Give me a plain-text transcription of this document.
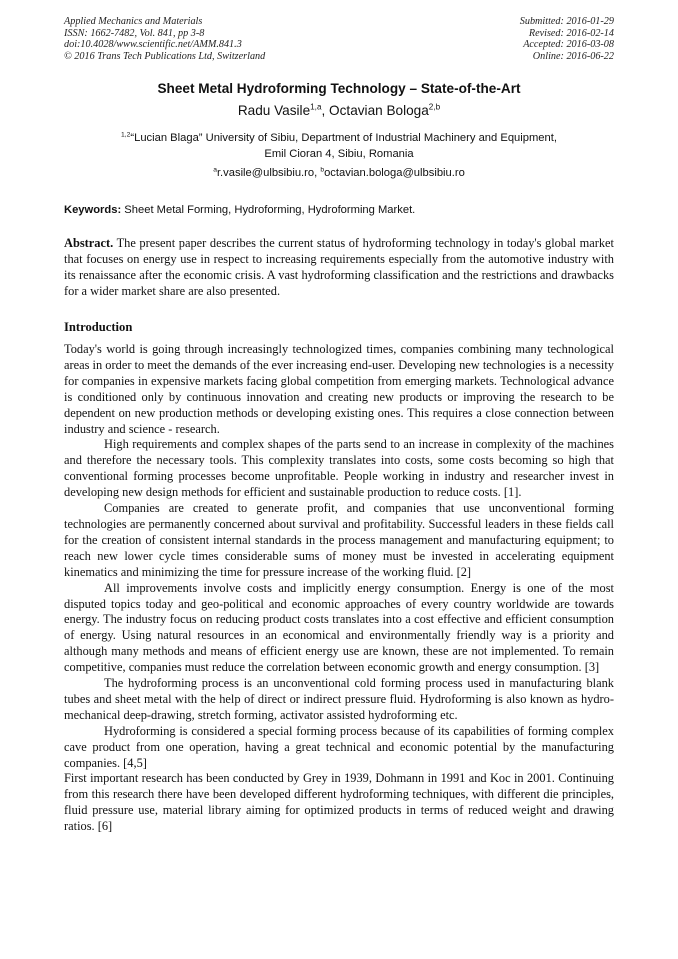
Applied Mechanics and Materials
ISSN: 1662-7482, Vol. 841, pp 3-8
doi:10.4028/www.scientific.net/AMM.841.3
© 2016 Trans Tech Publications Ltd, Switzerland
Submitted: 2016-01-29
Revised: 2016-02-14
Accepted: 2016-03-08
Online: 2016-06-22
Sheet Metal Hydroforming Technology – State-of-the-Art
Radu Vasile$^{1,a}$, Octavian Bologa$^{2,b}$
$^{1,2}$“Lucian Blaga” University of Sibiu, Department of Industrial Machinery and Equipment,
Emil Cioran 4, Sibiu, Romania
$^a$r.vasile@ulbsibiu.ro, $^b$octavian.bologa@ulbsibiu.ro
Keywords: Sheet Metal Forming, Hydroforming, Hydroforming Market.
Abstract. The present paper describes the current status of hydroforming technology in today's global market that focuses on energy use in respect to increasing requirements especially from the automotive industry with its renaissance after the economic crisis. A vast hydroforming classification and the restrictions and drawbacks for a wider market share are also presented.
Introduction

Today's world is going through increasingly technologized times, companies combining many technological areas in order to meet the demands of the ever increasing end-user. Developing new technologies is a necessity for companies in expensive markets facing global competition from emerging markets. Technological advance is conditioned only by continuous innovation and creating new products or improving the research to be dependent on new production methods or developing existing ones. This requires a close connection between industry and science - research.

High requirements and complex shapes of the parts send to an increase in complexity of the machines and therefore the necessary tools. This complexity translates into costs, some costs becoming so high that conventional forming processes become unprofitable. People working in industry and researcher invest in developing new design methods for efficient and sustainable production to reduce costs. [1].

Companies are created to generate profit, and companies that use unconventional forming technologies are permanently concerned about survival and profitability. Successful leaders in these fields call for the creation of consistent internal standards in the process management and manufacturing equipment; to reach new lower cycle times considerable sums of money must be invested in accelerating equipment kinematics and minimizing the time for pressure increase of the working fluid. [2]

All improvements involve costs and implicitly energy consumption. Energy is one of the most disputed topics today and geo-political and economic approaches of every country worldwide are towards energy. The industry focus on reducing product costs translates into a cost effective and efficient consumption of energy. Using natural resources in an economical and environmentally friendly way is a priority and although many methods and means of efficient energy use are known, these are not implemented. To remain competitive, companies must reduce the correlation between economic growth and energy consumption. [3]

The hydroforming process is an unconventional cold forming process used in manufacturing blank tubes and sheet metal with the help of direct or indirect pressure fluid. Hydroforming is also known as hydro-mechanical deep-drawing, stretch forming, activator assisted hydroforming etc.

Hydroforming is considered a special forming process because of its capabilities of forming complex cave product from one operation, having a great technical and economic potential by the manufacturing companies. [4,5]

First important research has been conducted by Grey in 1939, Dohmann in 1991 and Koc in 2001. Continuing from this research there have been developed different hydroforming techniques, with different die principles, fluid pressure use, material library aiming for optimized products in terms of reduced weight and drawing ratios. [6]
